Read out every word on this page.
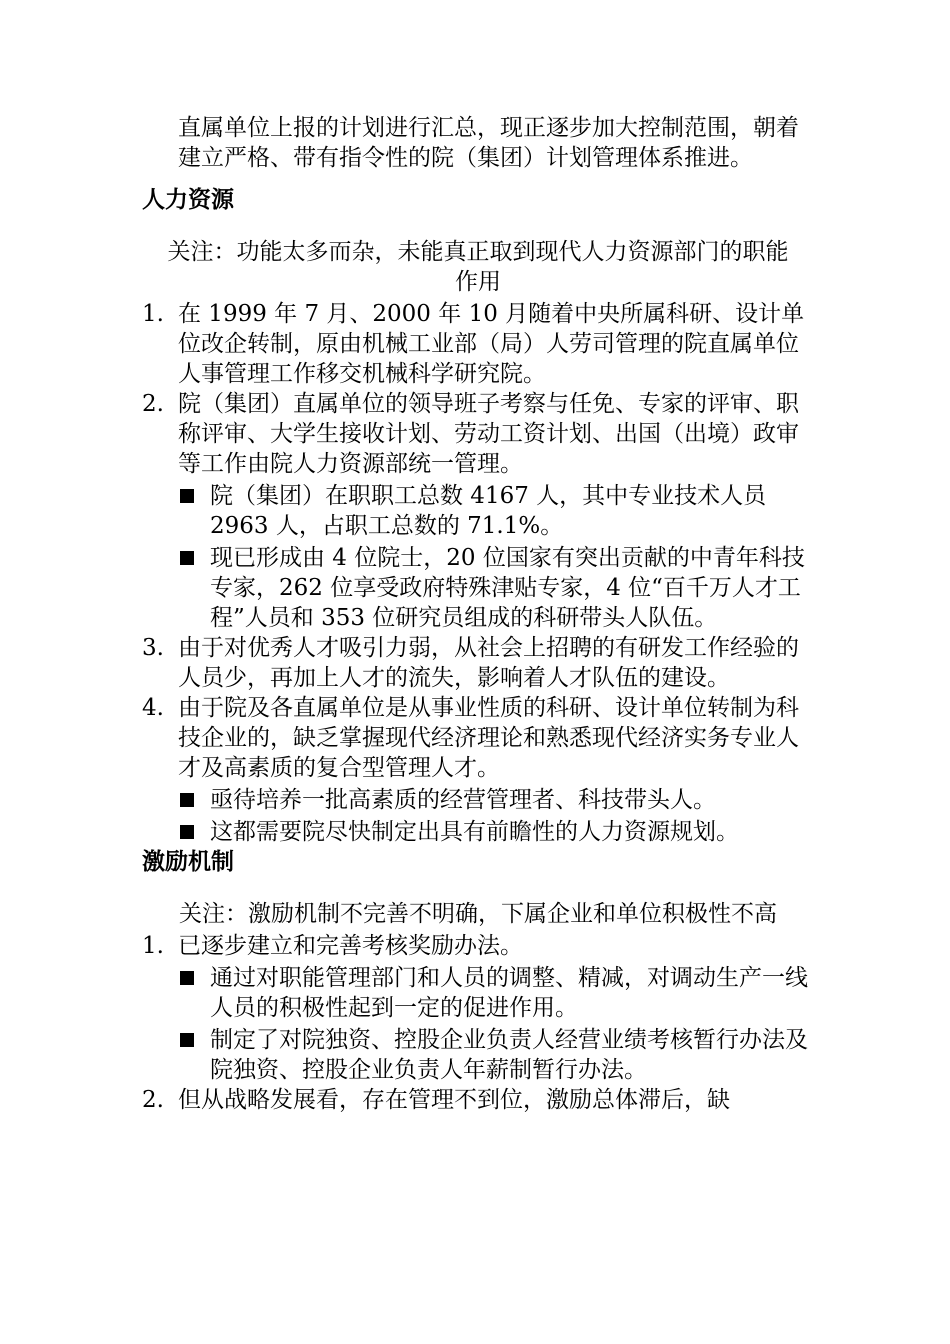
直属单位上报的计划进行汇总，现正逐步加大控制范围，朝着建立严格、带有指令性的院（集团）计划管理体系推进。

人力资源
关注：功能太多而杂，未能真正取到现代人力资源部门的职能作用
1. 在 1999 年 7 月、2000 年 10 月随着中央所属科研、设计单位改企转制，原由机械工业部（局）人劳司管理的院直属单位人事管理工作移交机械科学研究院。
2. 院（集团）直属单位的领导班子考察与任免、专家的评审、职称评审、大学生接收计划、劳动工资计划、出国（出境）政审等工作由院人力资源部统一管理。
院（集团）在职职工总数 4167 人，其中专业技术人员 2963 人，占职工总数的 71.1%。
现已形成由 4 位院士，20 位国家有突出贡献的中青年科技专家，262 位享受政府特殊津贴专家，4 位“百千万人才工程”人员和 353 位研究员组成的科研带头人队伍。
3. 由于对优秀人才吸引力弱，从社会上招聘的有研发工作经验的人员少，再加上人才的流失，影响着人才队伍的建设。
4. 由于院及各直属单位是从事业性质的科研、设计单位转制为科技企业的，缺乏掌握现代经济理论和熟悉现代经济实务专业人才及高素质的复合型管理人才。
亟待培养一批高素质的经营管理者、科技带头人。
这都需要院尽快制定出具有前瞻性的人力资源规划。
激励机制
关注：激励机制不完善不明确，下属企业和单位积极性不高
1. 已逐步建立和完善考核奖励办法。
通过对职能管理部门和人员的调整、精减，对调动生产一线人员的积极性起到一定的促进作用。
制定了对院独资、控股企业负责人经营业绩考核暂行办法及院独资、控股企业负责人年薪制暂行办法。
2. 但从战略发展看，存在管理不到位，激励总体滞后，缺
